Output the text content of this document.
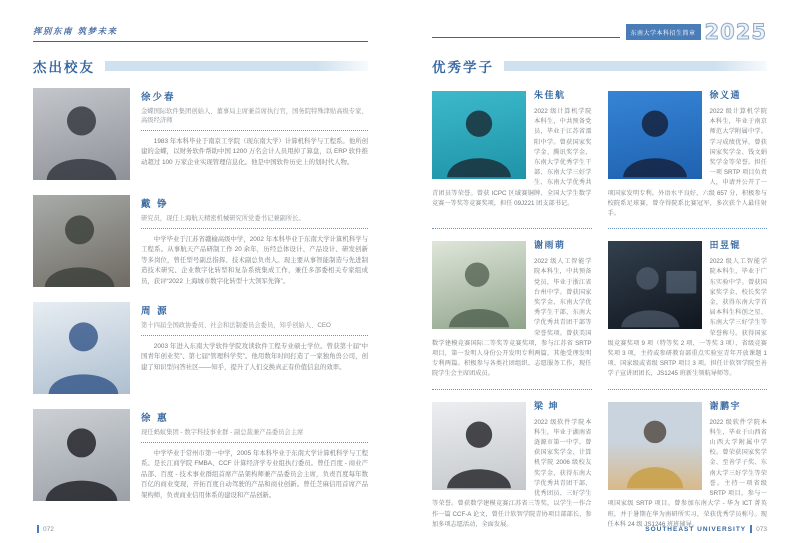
挥别东南 筑梦未来	东南大学本科招生简章 2025
杰出校友
徐少春
金蝶国际软件集团创始人、董事局主席兼首席执行官，国务院特殊津贴高级专家、高级经济师
1983 年本科毕业于南京工学院（现东南大学）计算机科学与工程系。他所创建的金蝶，以财务软件帮助中国 1200 万名会计人员甩掉了算盘，以 ERP 软件推动超过 100 万家企业实现管理信息化。他是中国软件历史上的划时代人物。
戴 铮
研究员，现任上海航天精密机械研究所党委书记兼副所长。
中学毕业于江苏省赣榆高级中学，2002 年本科毕业于东南大学计算机科学与工程系。从事航天产品研制工作 20 余年，历经总体设计、产品设计、研发创新等多岗位，曾任型号副总指挥、技术副总负责人。现主要从事智能制造与先进制造技术研究、企业数字化转型和复杂系统集成工作，兼任多部委相关专家组成员，获评“2022 上海城市数字化转型十大领军先锋”。
周 源
第十四届全国政协委员、社会和法制委员会委员，知乎创始人、CEO
2003 年进入东南大学软件学院攻读软件工程专业硕士学位。曾获第十届“中国青年创业奖”、第七届“管理科学奖”。他用数年时间打造了一家独角兽公司，创建了知识型问答社区——知乎，提升了人们交换真正有价值信息的效率。
徐 惠
现任蚂蚁集团 - 数字科技事业群 - 副总裁兼产品委员会主席
中学毕业于常州市第一中学，2005 年本科毕业于东南大学计算机科学与工程系。是长江商学院 FMBA、CCF 计算经济学专业组执行委员。曾任百度 - 商业产品部、百度 - 技术事业群组首席产品架构师兼产品委员会主席，负责百度每年数百亿的商业变现，开拓百度自动驾驶的产品和商业创新。曾任芝麻信用首席产品架构师，负责商业信用体系的建设和产品创新。
优秀学子
朱佳航
2022 级计算机学院本科生，中共预备党员，毕业于江苏省溧阳中学。曾获国家奖学金、腾讯奖学金、东南大学优秀学生干部、东南大学三好学生、东南大学优秀共青团员等荣誉。曾获 ICPC 区域赛铜牌、全国大学生数学竞赛一等奖等竞赛奖项，担任 09J221 团支部书记。
徐义通
2022 级计算机学院本科生，毕业于南京师范大学附属中学。学习成绩优异，曾获国家奖学金、钱文娟奖学金等荣誉。担任一项 SRTP 项目负责人，申请并公开了一项国家发明专利。外语水平良好，六级 657 分，积极参与校院系足球赛，曾夺得院系比赛冠军，多次获个人最佳射手。
谢雨萌
2022 级人工智能学院本科生，中共预备党员，毕业于浙江省台州中学。曾获国家奖学金、东南大学优秀学生干部、东南大学优秀共青团干部等荣誉奖项。曾获美国数学建模竞赛国际二等奖等竞赛奖项，参与江苏省 SRTP 项目，第一发明人身份公开发明专利两篇，其他受理发明专利两篇。积极参与各类社团组织、志愿服务工作，现任院学生会主席团成员。
田昱锟
2022 级人工智能学院本科生，毕业于广东实验中学。曾获国家奖学金、校长奖学金，获得东南大学首届本科生科创之星、东南大学三好学生等荣誉称号。获得国家级竞赛奖项 9 项（特等奖 2 项、一等奖 3 项）、省级竞赛奖项 3 项，主持或参研教育部重点实验室青年开放课题 1 项、国家级或省级 SRTP 项目 3 项。担任计软智学院至善学子宣讲团团长，JS1245 班新生领航导师等。
梁 坤
2022 级软件学院本科生，毕业于湖南省涟源市第一中学。曾获国家奖学金、计算机学院 2006 级校友奖学金，获得东南大学优秀共青团干部、优秀团员、三好学生等荣誉。曾获数学建模竞赛江苏省三等奖，以学生一作合作一篇 CCF-A 论文，曾任计软智学院青协项目部部长，参加多项志愿活动，全面发展。
谢鹏宇
2022 级软件学院本科生，毕业于山西省山西大学附属中学校。曾荣获国家奖学金、至善学子奖、东南大学三好学生等荣誉。主持一项省级 SRTP 项目，参与一项国家级 SRTP 项目。曾参加东南大学 - 华为 ICT 菁英班，并于暑期在华为南研所实习，荣获优秀学员称号。现任本科 24 级 JS1246 班班辅导。
072	SOUTHEAST UNIVERSITY 073
